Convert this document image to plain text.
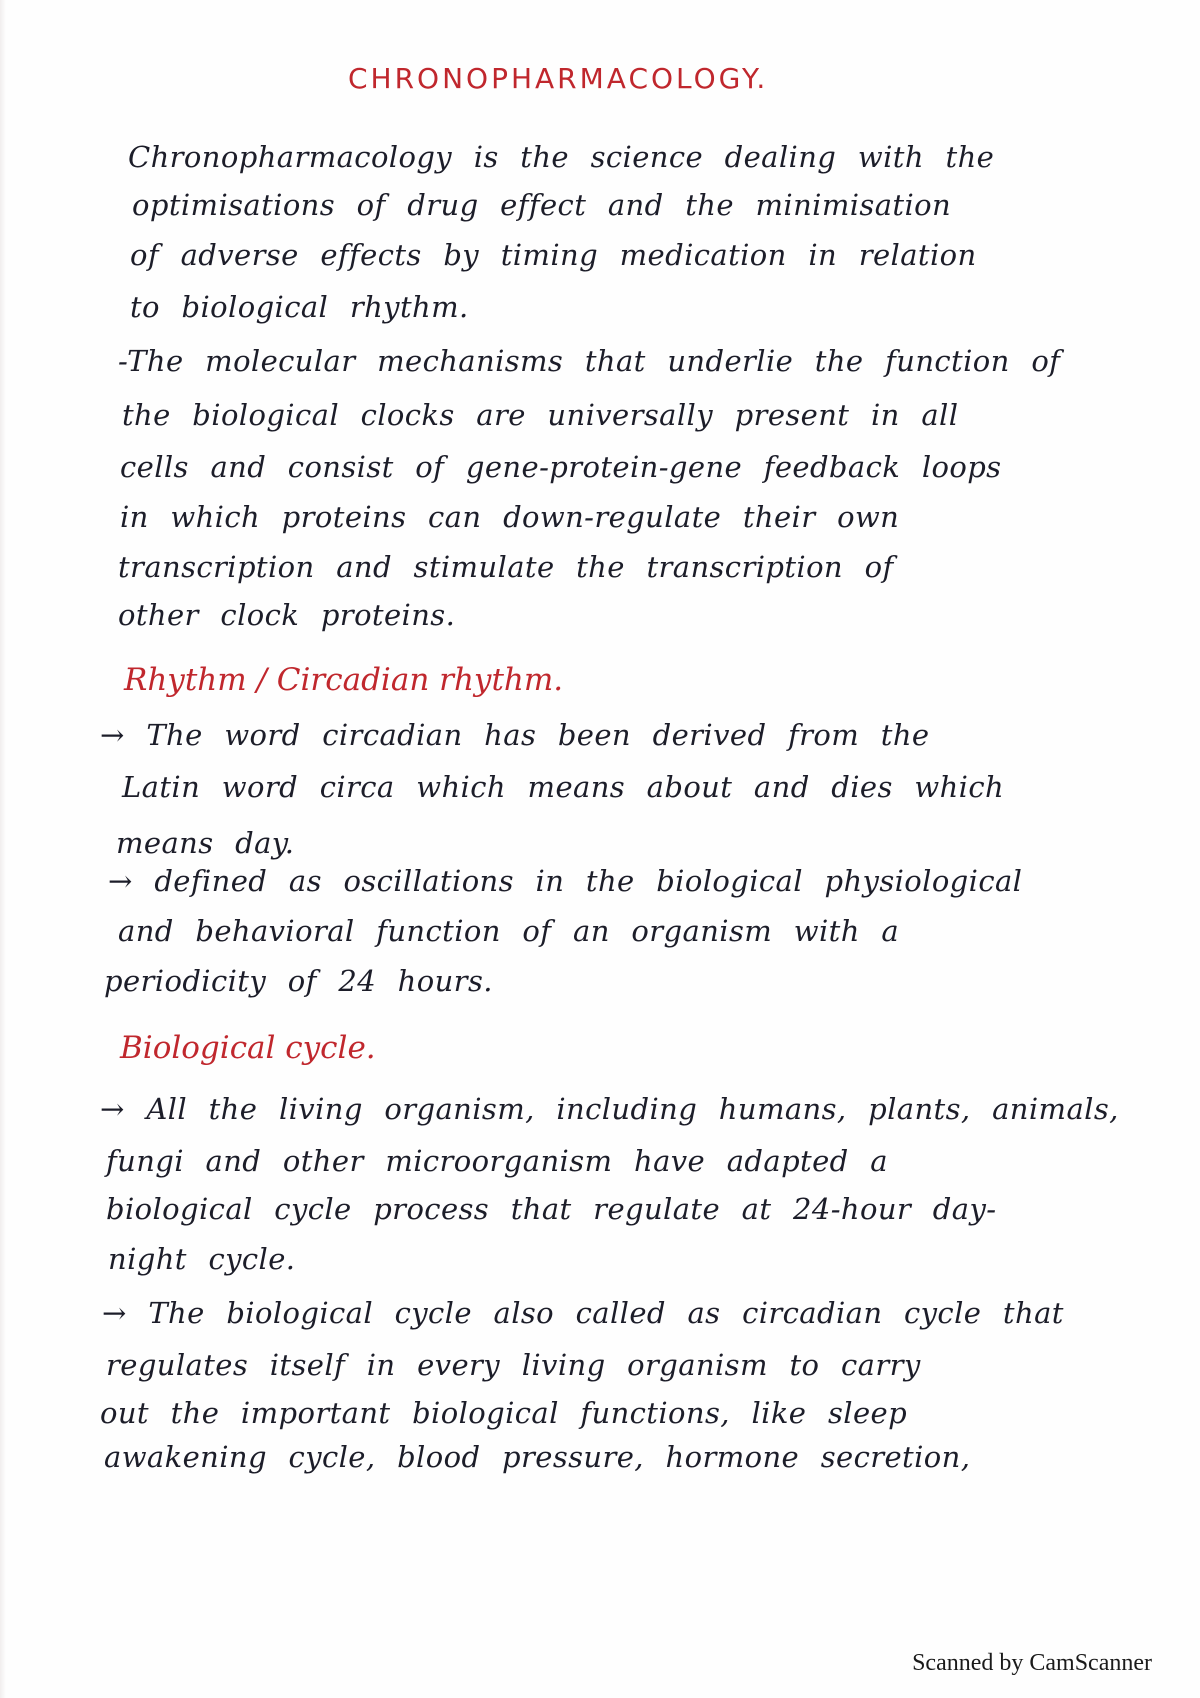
CHRONOPHARMACOLOGY.
Chronopharmacology is the science dealing with the
optimisations of drug effect and the minimisation
of adverse effects by timing medication in relation
to biological rhythm.
-The molecular mechanisms that underlie the function of
the biological clocks are universally present in all
cells and consist of gene-protein-gene feedback loops
in which proteins can down-regulate their own
transcription and stimulate the transcription of
other clock proteins.
Rhythm / Circadian rhythm.
→ The word circadian has been derived from the
Latin word circa which means about and dies which
means day.
→ defined as oscillations in the biological physiological
and behavioral function of an organism with a
periodicity of 24 hours.
Biological cycle.
→ All the living organism, including humans, plants, animals,
fungi and other microorganism have adapted a
biological cycle process that regulate at 24-hour day-
night cycle.
→ The biological cycle also called as circadian cycle that
regulates itself in every living organism to carry
out the important biological functions, like sleep
awakening cycle, blood pressure, hormone secretion,
Scanned by CamScanner
